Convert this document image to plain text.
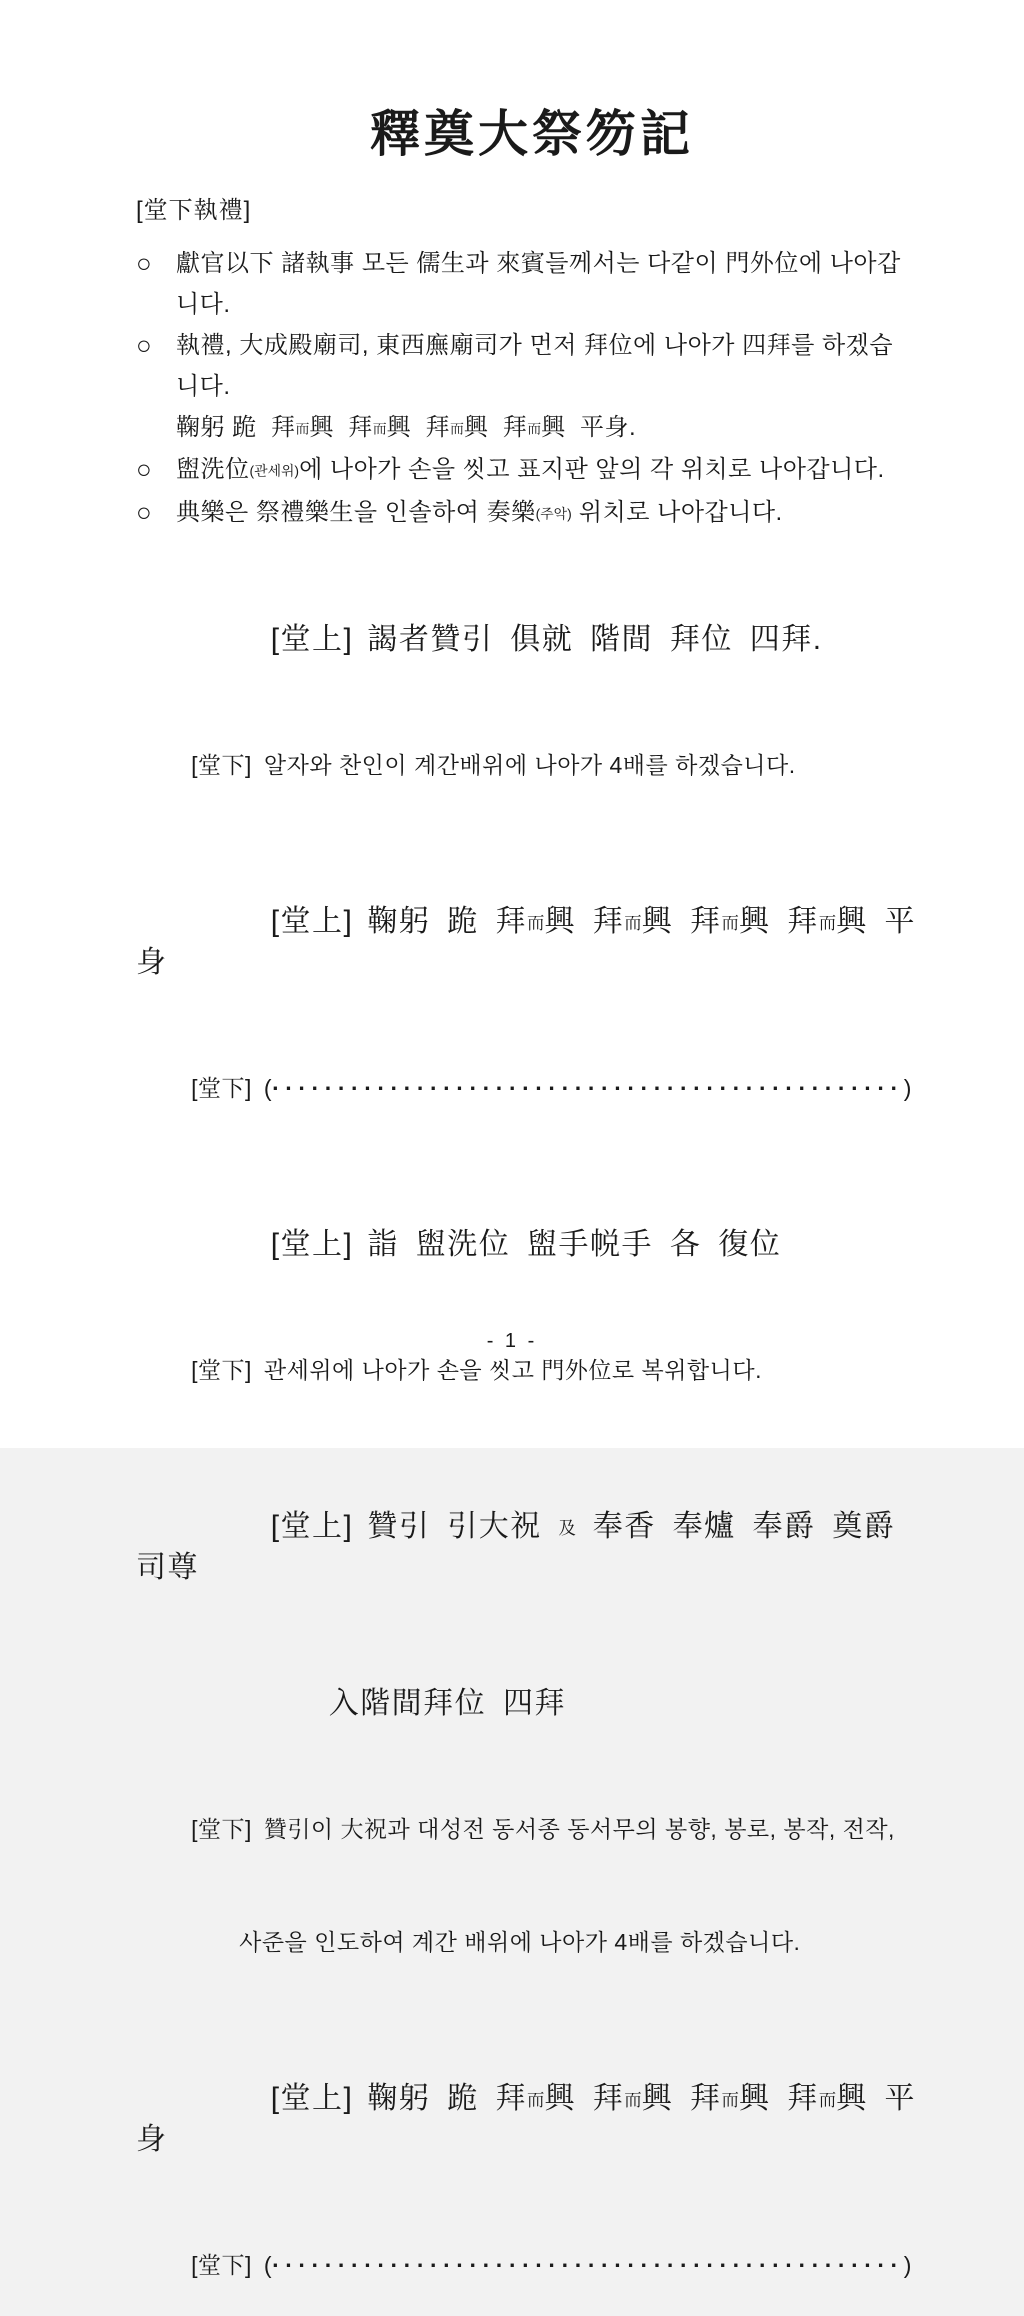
釋奠大祭笏記
[堂下執禮]
○	獻官以下 諸執事 모든 儒生과 來賓들께서는 다같이 門外位에 나아갑
니다.
○	執禮, 大成殿廟司, 東西廡廟司가 먼저 拜位에 나아가 四拜를 하겠습
니다.
鞠躬 跪  拜而興  拜而興  拜而興  拜而興  平身.
○	盥洗位(관세위)에 나아가 손을 씻고 표지판 앞의 각 위치로 나아갑니다.
○	典樂은 祭禮樂生을 인솔하여 奏樂(주악) 위치로 나아갑니다.

[堂上] 謁者贊引 俱就 階間 拜位 四拜.

[堂下] 알자와 찬인이 계간배위에 나아가 4배를 하겠습니다.

[堂上] 鞠躬 跪 拜而興 拜而興 拜而興 拜而興 平身

[堂下] (················································)

[堂上] 詣 盥洗位 盥手帨手 各 復位

[堂下] 관세위에 나아가 손을 씻고 門外位로 복위합니다.

[堂上] 贊引 引大祝 及 奉香 奉爐 奉爵 奠爵 司尊

入階間拜位 四拜

[堂下] 贊引이 大祝과 대성전 동서종 동서무의 봉향, 봉로, 봉작, 전작,

사준을 인도하여 계간 배위에 나아가 4배를 하겠습니다.

[堂上] 鞠躬 跪 拜而興 拜而興 拜而興 拜而興 平身

[堂下] (················································)

- 1 -
